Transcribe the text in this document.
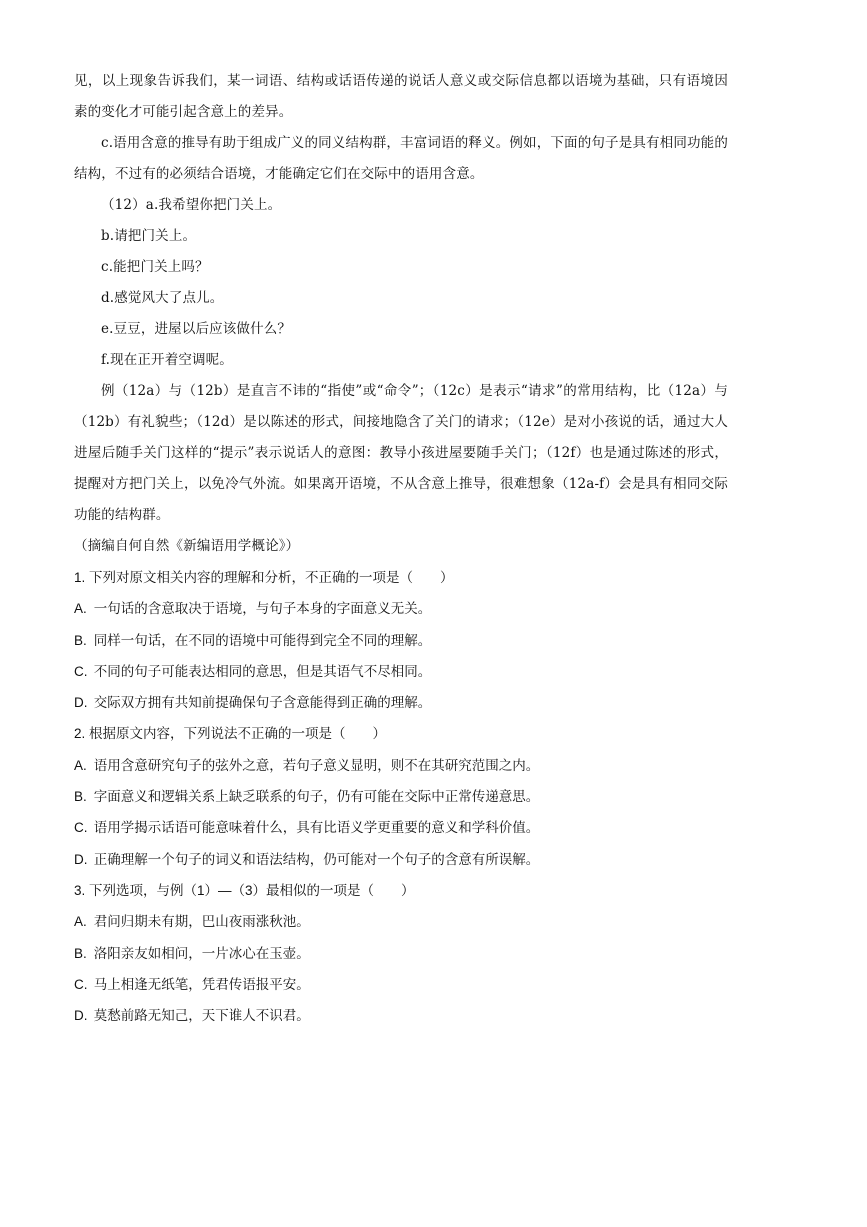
见，以上现象告诉我们，某一词语、结构或话语传递的说话人意义或交际信息都以语境为基础，只有语境因素的变化才可能引起含意上的差异。

c.语用含意的推导有助于组成广义的同义结构群，丰富词语的释义。例如，下面的句子是具有相同功能的结构，不过有的必须结合语境，才能确定它们在交际中的语用含意。

（12）a.我希望你把门关上。

b.请把门关上。

c.能把门关上吗？

d.感觉风大了点儿。

e.豆豆，进屋以后应该做什么？

f.现在正开着空调呢。

例（12a）与（12b）是直言不讳的“指使”或“命令”；（12c）是表示“请求”的常用结构，比（12a）与（12b）有礼貌些；（12d）是以陈述的形式，间接地隐含了关门的请求；（12e）是对小孩说的话，通过大人进屋后随手关门这样的“提示”表示说话人的意图：教导小孩进屋要随手关门；（12f）也是通过陈述的形式，提醒对方把门关上，以免冷气外流。如果离开语境，不从含意上推导，很难想象（12a-f）会是具有相同交际功能的结构群。

（摘编自何自然《新编语用学概论》）

1. 下列对原文相关内容的理解和分析，不正确的一项是（　　）

A. 一句话的含意取决于语境，与句子本身的字面意义无关。

B. 同样一句话，在不同的语境中可能得到完全不同的理解。

C. 不同的句子可能表达相同的意思，但是其语气不尽相同。

D. 交际双方拥有共知前提确保句子含意能得到正确的理解。

2. 根据原文内容，下列说法不正确的一项是（　　）

A. 语用含意研究句子的弦外之意，若句子意义显明，则不在其研究范围之内。

B. 字面意义和逻辑关系上缺乏联系的句子，仍有可能在交际中正常传递意思。

C. 语用学揭示话语可能意味着什么，具有比语义学更重要的意义和学科价值。

D. 正确理解一个句子的词义和语法结构，仍可能对一个句子的含意有所误解。

3. 下列选项，与例（1）—（3）最相似的一项是（　　）

A. 君问归期未有期，巴山夜雨涨秋池。

B. 洛阳亲友如相问，一片冰心在玉壶。

C. 马上相逢无纸笔，凭君传语报平安。

D. 莫愁前路无知己，天下谁人不识君。
